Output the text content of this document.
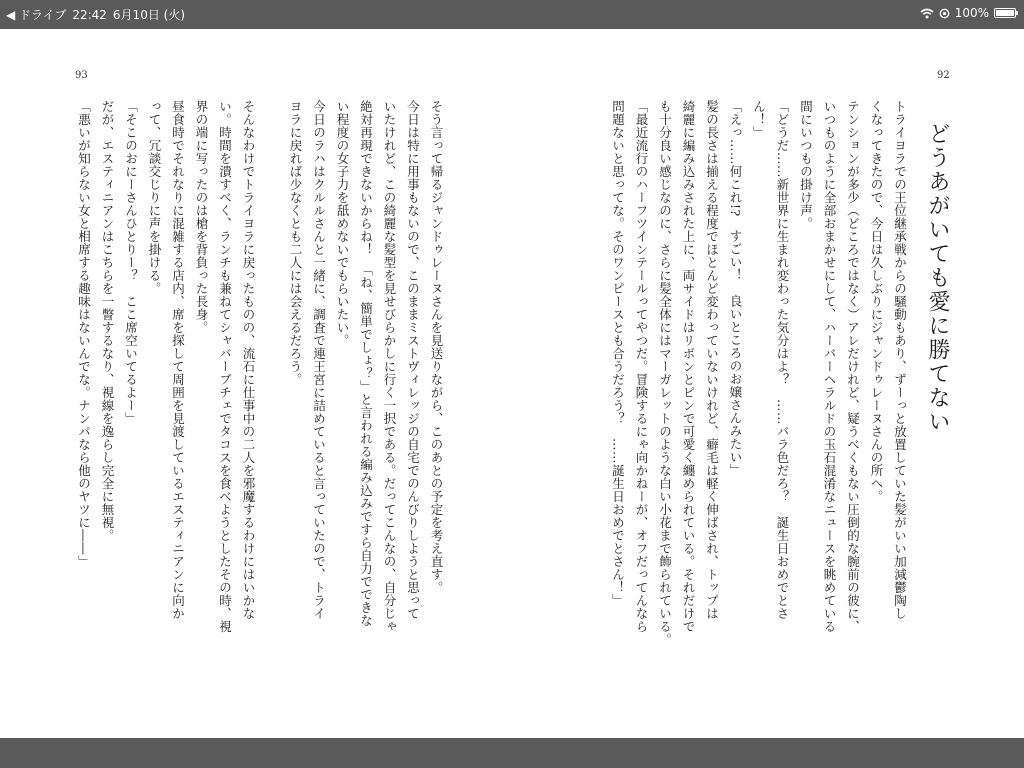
◀ ドライブ 22:42 6月10日 (火)	100%
93	92
どうあがいても愛に勝てない

トライヨラでの王位継承戦からの騒動もあり、ずーっと放置していた髪がいい加減鬱陶し

くなってきたので、今日は久しぶりにジャンドゥレーヌさんの所へ。

テンションが多少（どころではなく）アレだけれど、疑うべくもない圧倒的な腕前の彼に、

いつものように全部おまかせにして、ハーバーヘラルドの玉石混淆なニュースを眺めている

間にいつもの掛け声。

「どうだ……新世界に生まれ変わった気分はよ？　……バラ色だろ？　誕生日おめでとさ

ん！」

「えっ……何これ!?　すごい！　良いところのお嬢さんみたい」

髪の長さは揃える程度でほとんど変わっていないけれど、癖毛は軽く伸ばされ、トップは

綺麗に編み込みされた上に、両サイドはリボンとピンで可愛く纏められている。それだけで

も十分良い感じなのに、さらに髪全体にはマーガレットのような白い小花まで飾られている。

「最近流行のハーフツインテールってやつだ。冒険するにゃ向かねーが、オフだってんなら

問題ないと思ってな。そのワンピースとも合うだろう？　……誕生日おめでとさん！」

そう言って帰るジャンドゥレーヌさんを見送りながら、このあとの予定を考え直す。

今日は特に用事もないので、このままミストヴィレッジの自宅でのんびりしようと思って

いたけれど、この綺麗な髪型を見せびらかしに行く一択である。だってこんなの、自分じゃ

絶対再現できないからね！　「ね、簡単でしょ？」と言われる編み込みですら自力でできな

い程度の女子力を舐めないでもらいたい。

今日のラハはクルルさんと一緒に、調査で連王宮に詰めていると言っていたので、トライ

ヨラに戻れば少なくとも二人には会えるだろう。

そんなわけでトライヨラに戻ったものの、流石に仕事中の二人を邪魔するわけにはいかな

い。時間を潰すべく、ランチも兼ねてシャバーブチェでタコスを食べようとしたその時、視

界の端に写ったのは槍を背負った長身。

昼食時でそれなりに混雑する店内、席を探して周囲を見渡しているエスティニアンに向か

って、冗談交じりに声を掛ける。

「そこのおにーさんひとりー？　ここ席空いてるよー」

だが、エスティニアンはこちらを一瞥するなり、視線を逸らし完全に無視。

「悪いが知らない女と相席する趣味はないんでな。ナンパなら他のヤツに――」
